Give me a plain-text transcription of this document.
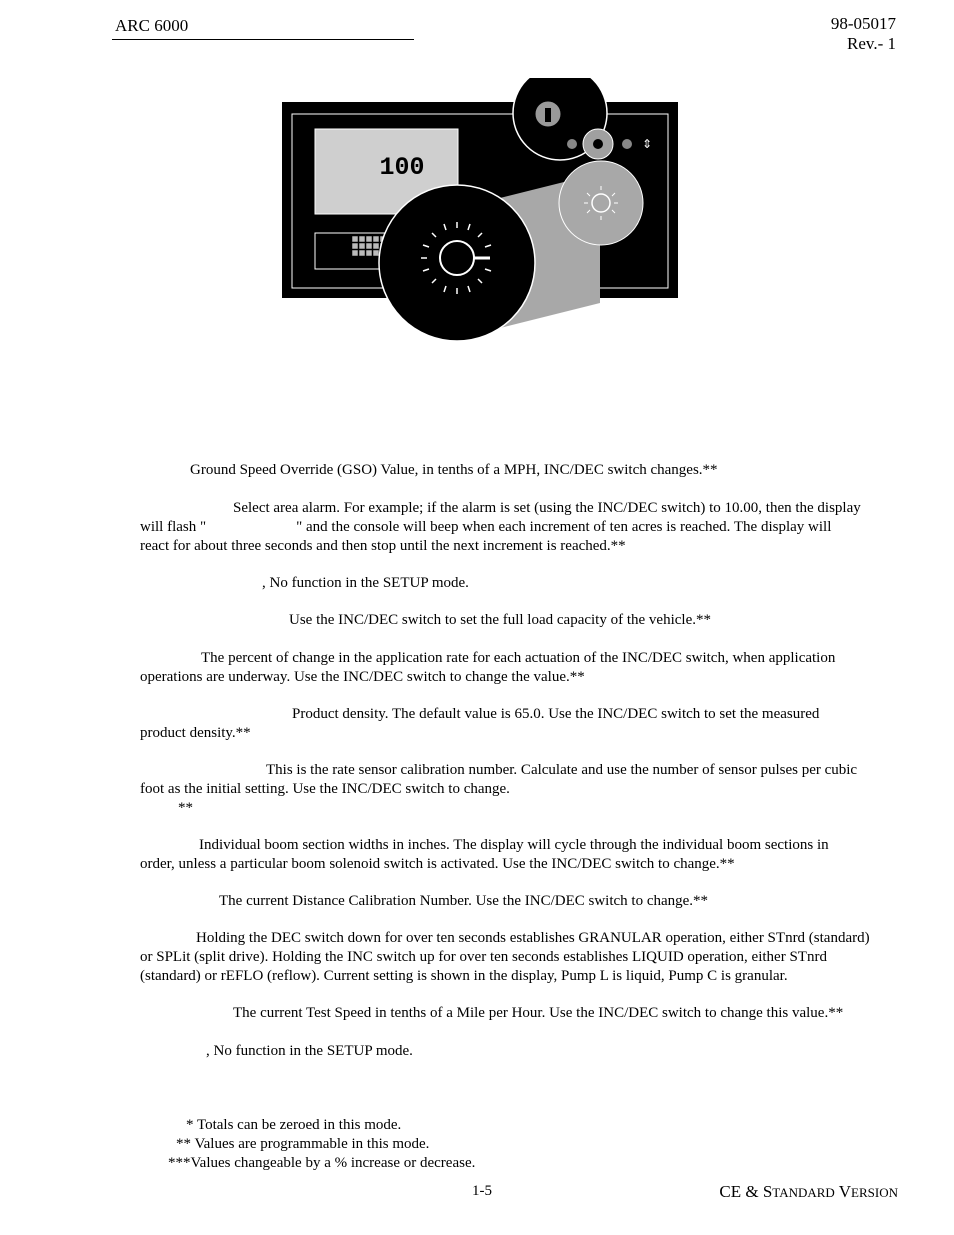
ARC 6000	98-05017
Rev.- 1
100
⇕
Ground Speed Override (GSO) Value, in tenths of a MPH, INC/DEC switch changes.**
Select area alarm. For example; if the alarm is set (using the INC/DEC switch) to 10.00, then the display
will flash "	" and the console will beep when each increment of ten acres is reached. The display will
react for about three seconds and then stop until the next increment is reached.**
, No function in the SETUP mode.
Use the INC/DEC switch to set the full load capacity of the vehicle.**
The percent of change in the application rate for each actuation of the INC/DEC switch, when application
operations are underway. Use the INC/DEC switch to change the value.**
Product density. The default value is 65.0. Use the INC/DEC switch to set the measured
product density.**
This is the rate sensor calibration number. Calculate and use the number of sensor pulses per cubic
foot as the initial setting. Use the INC/DEC switch to change.
**
Individual boom section widths in inches. The display will cycle through the individual boom sections in
order, unless a particular boom solenoid switch is activated. Use the INC/DEC switch to change.**
The current Distance Calibration Number. Use the INC/DEC switch to change.**
Holding the DEC switch down for over ten seconds establishes GRANULAR operation, either STnrd (standard)
or SPLit (split drive). Holding the INC switch up for over ten seconds establishes LIQUID operation, either STnrd
(standard) or rEFLO (reflow). Current setting is shown in the display, Pump L is liquid, Pump C is granular.
The current Test Speed in tenths of a Mile per Hour. Use the INC/DEC switch to change this value.**
, No function in the SETUP mode.
* Totals can be zeroed in this mode.
** Values are programmable in this mode.
***Values changeable by a % increase or decrease.
1-5	CE & STANDARD VERSION
